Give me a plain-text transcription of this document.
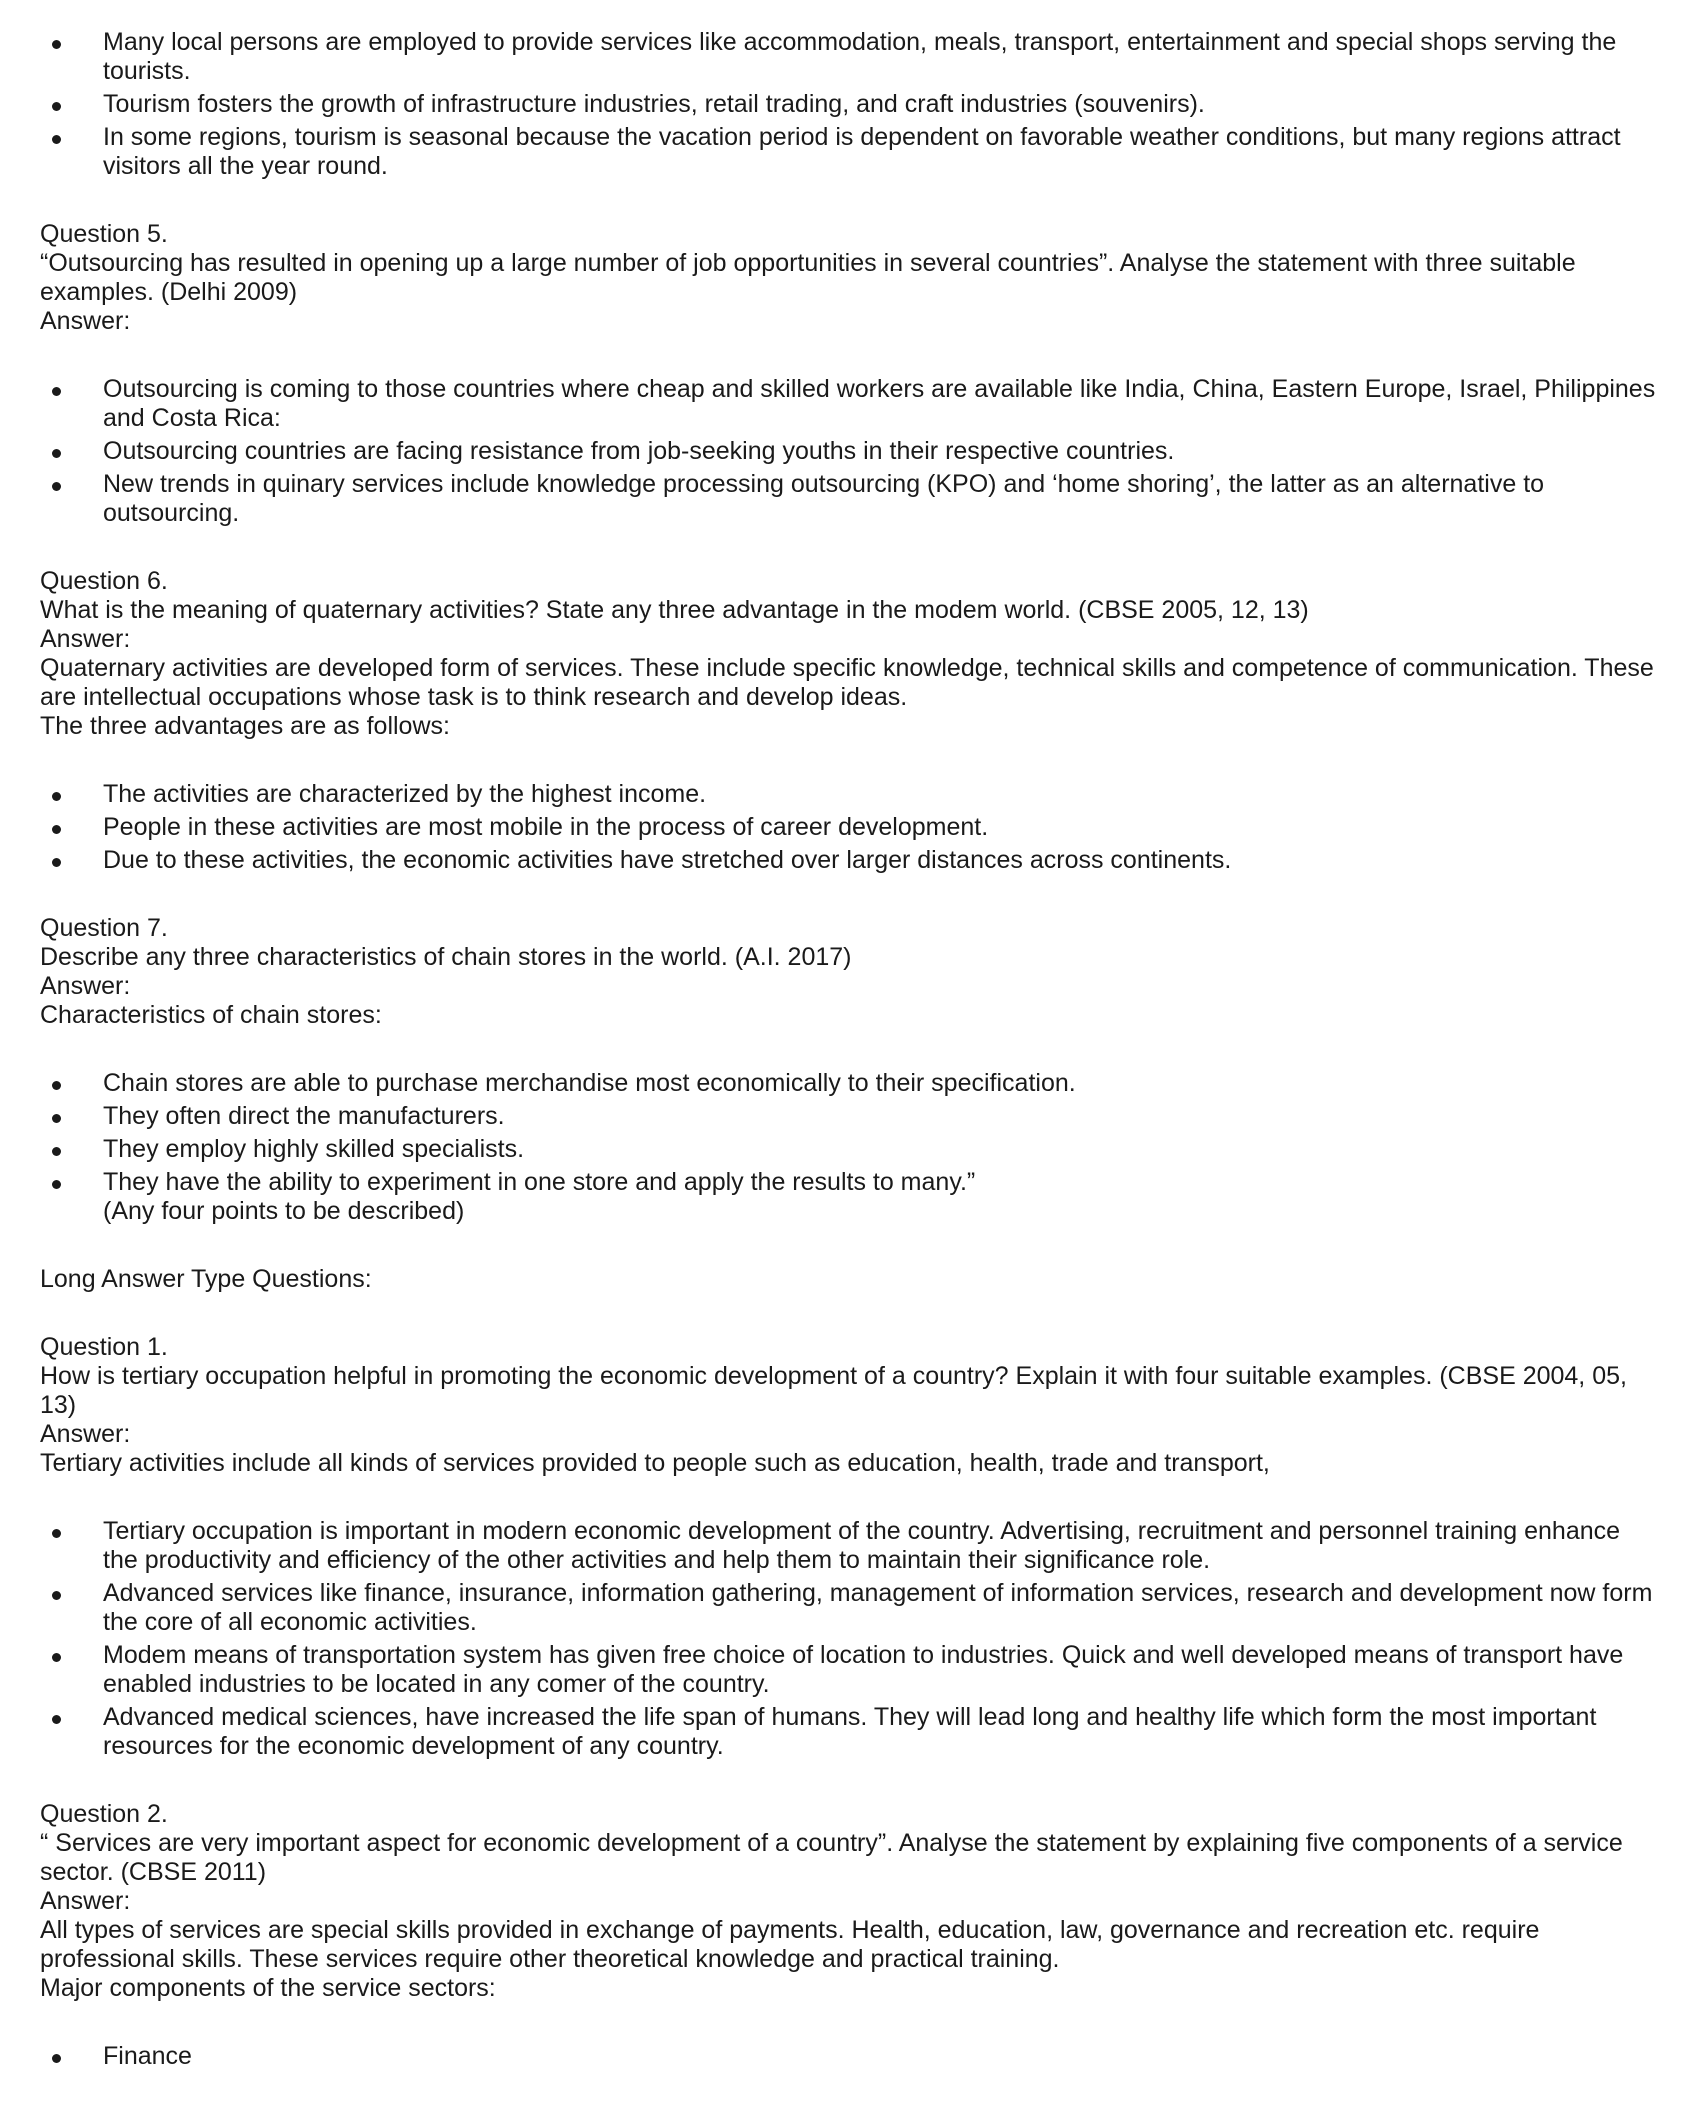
Many local persons are employed to provide services like accommodation, meals, transport, entertainment and special shops serving the tourists.
Tourism fosters the growth of infrastructure industries, retail trading, and craft industries (souvenirs).
In some regions, tourism is seasonal because the vacation period is dependent on favorable weather conditions, but many regions attract visitors all the year round.

Question 5.

“Outsourcing has resulted in opening up a large number of job opportunities in several countries”. Analyse the statement with three suitable examples. (Delhi 2009)

Answer:

Outsourcing is coming to those countries where cheap and skilled workers are available like India, China, Eastern Europe, Israel, Philippines and Costa Rica:
Outsourcing countries are facing resistance from job-seeking youths in their respective countries.
New trends in quinary services include knowledge processing outsourcing (KPO) and ‘home shoring’, the latter as an alternative to outsourcing.

Question 6.

What is the meaning of quaternary activities? State any three advantage in the modem world. (CBSE 2005, 12, 13)

Answer:

Quaternary activities are developed form of services. These include specific knowledge, technical skills and competence of communication. These are intellectual occupations whose task is to think research and develop ideas.

The three advantages are as follows:

The activities are characterized by the highest income.
People in these activities are most mobile in the process of career development.
Due to these activities, the economic activities have stretched over larger distances across continents.

Question 7.

Describe any three characteristics of chain stores in the world. (A.I. 2017)

Answer:

Characteristics of chain stores:

Chain stores are able to purchase merchandise most economically to their specification.
They often direct the manufacturers.
They employ highly skilled specialists.
They have the ability to experiment in one store and apply the results to many.”
(Any four points to be described)

Long Answer Type Questions:

Question 1.

How is tertiary occupation helpful in promoting the economic development of a country? Explain it with four suitable examples. (CBSE 2004, 05, 13)

Answer:

Tertiary activities include all kinds of services provided to people such as education, health, trade and transport,

Tertiary occupation is important in modern economic development of the country. Advertising, recruitment and personnel training enhance the productivity and efficiency of the other activities and help them to maintain their significance role.
Advanced services like finance, insurance, information gathering, management of information services, research and development now form the core of all economic activities.
Modem means of transportation system has given free choice of location to industries. Quick and well developed means of transport have enabled industries to be located in any comer of the country.
Advanced medical sciences, have increased the life span of humans. They will lead long and healthy life which form the most important resources for the economic development of any country.

Question 2.

“ Services are very important aspect for economic development of a country”. Analyse the statement by explaining five components of a service sector. (CBSE 2011)

Answer:

All types of services are special skills provided in exchange of payments. Health, education, law, governance and recreation etc. require professional skills. These services require other theoretical knowledge and practical training.

Major components of the service sectors:

Finance
